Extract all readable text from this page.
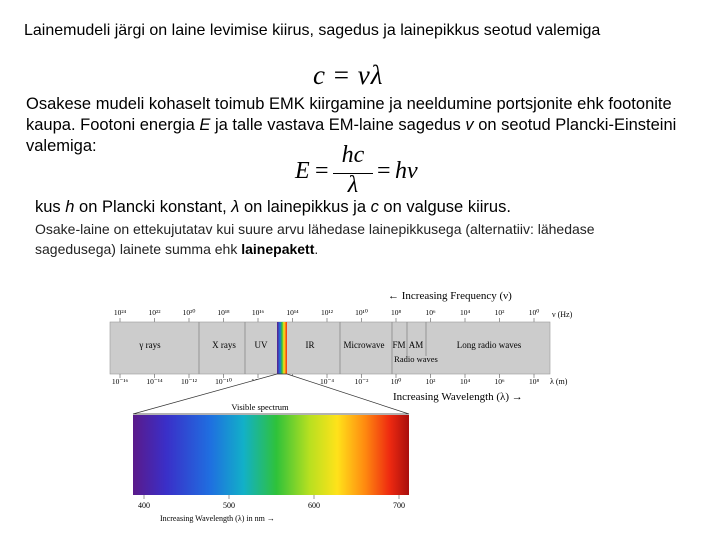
Lainemudeli järgi on laine levimise kiirus, sagedus ja lainepikkus seotud valemiga
c = νλ
Osakese mudeli kohaselt toimub EMK kiirgamine ja neeldumine portsjonite ehk footonite kaupa. Footoni energia E ja talle vastava EM-laine sagedus v on seotud Plancki-Einsteini valemiga:
E =
hc
λ
= hν
kus h on Plancki konstant, λ on lainepikkus ja c on valguse kiirus.
Osake-laine on ettekujutatav kui suure arvu lähedase lainepikkusega (alternatiiv: lähedase sagedusega) lainete summa ehk lainepakett.
← Increasing Frequency (ν)
10²⁴	10²²	10²⁰	10¹⁸	10¹⁶	10¹⁴	10¹²	10¹⁰	10⁸	10⁶	10⁴	10²	10⁰ ν (Hz)
γ rays	X rays UV	IR	Microwave FM AM	Long radio waves
Radio waves
10⁻¹⁶ 10⁻¹⁴ 10⁻¹² 10⁻¹⁰	10⁻⁴	10⁻²	10⁰	10²	10⁴	10⁶	10⁸ λ (m)
Increasing Wavelength (λ) →
Visible spectrum
400	500	600	700
Increasing Wavelength (λ) in nm →
